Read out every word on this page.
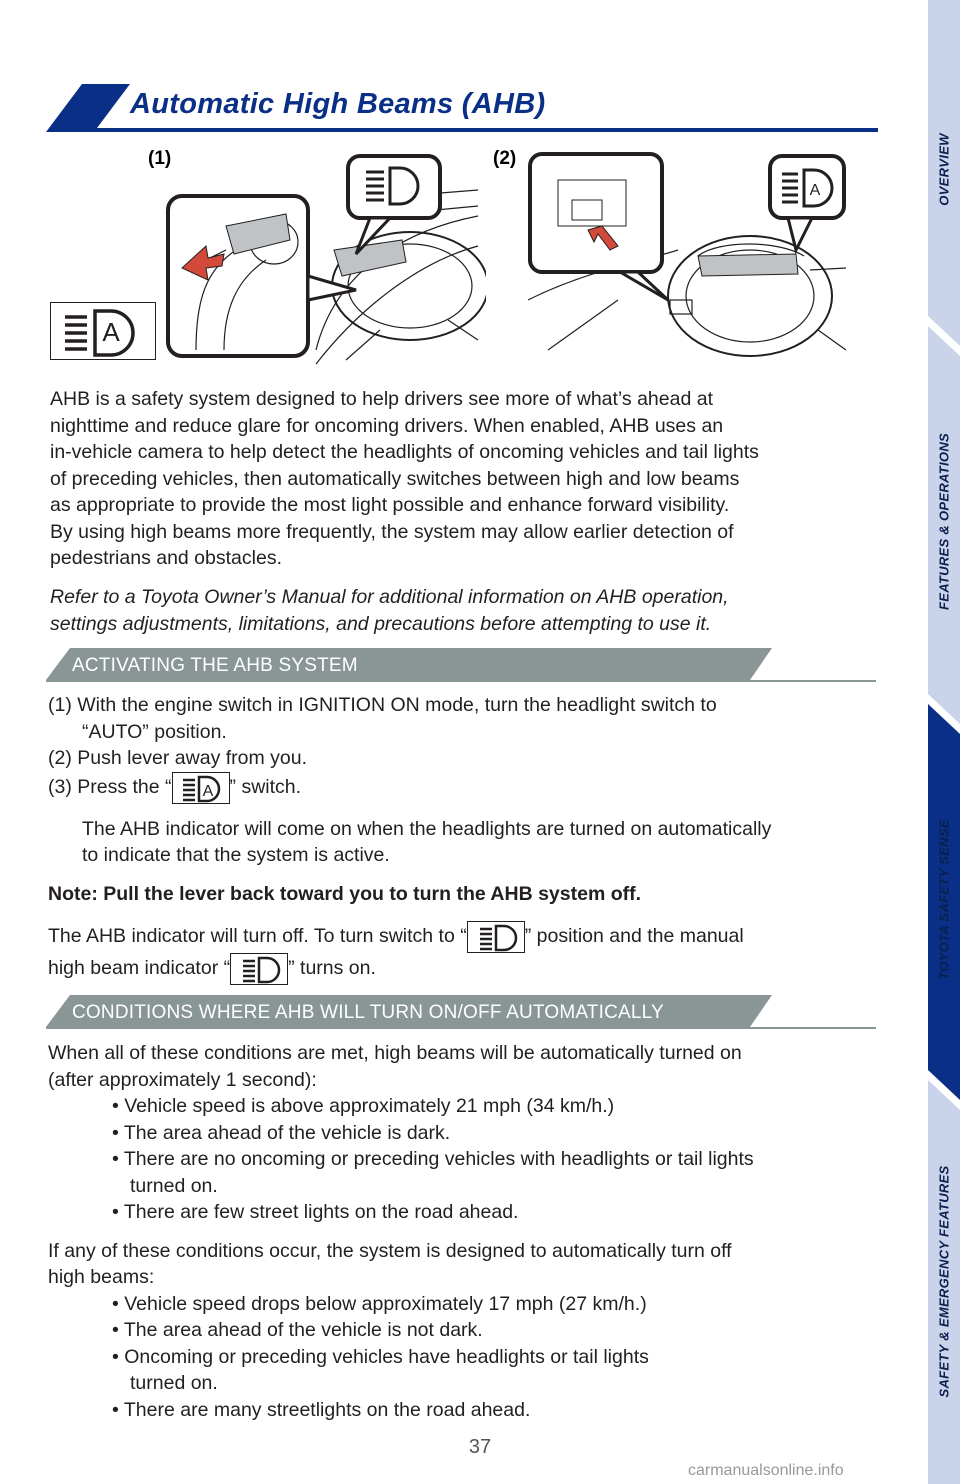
OVERVIEW
FEATURES & OPERATIONS
TOYOTA SAFETY SENSE
SAFETY & EMERGENCY FEATURES
Automatic High Beams (AHB)
(1)	(2)
A
A
AHB is a safety system designed to help drivers see more of what’s ahead at
nighttime and reduce glare for oncoming drivers. When enabled, AHB uses an
in-vehicle camera to help detect the headlights of oncoming vehicles and tail lights
of preceding vehicles, then automatically switches between high and low beams
as appropriate to provide the most light possible and enhance forward visibility.
By using high beams more frequently, the system may allow earlier detection of
pedestrians and obstacles.
Refer to a Toyota Owner’s Manual for additional information on AHB operation,
settings adjustments, limitations, and precautions before attempting to use it.
ACTIVATING THE AHB SYSTEM
(1) With the engine switch in IGNITION ON mode, turn the headlight switch to
“AUTO” position.
(2) Push lever away from you.
(3) Press the “ A ” switch.
The AHB indicator will come on when the headlights are turned on automatically
to indicate that the system is active.
Note: Pull the lever back toward you to turn the AHB system off.
The AHB indicator will turn off. To turn switch to “	” position and the manual
high beam indicator “	” turns on.
CONDITIONS WHERE AHB WILL TURN ON/OFF AUTOMATICALLY
When all of these conditions are met, high beams will be automatically turned on
(after approximately 1 second):
• Vehicle speed is above approximately 21 mph (34 km/h.)
• The area ahead of the vehicle is dark.
• There are no oncoming or preceding vehicles with headlights or tail lights
turned on.
• There are few street lights on the road ahead.
If any of these conditions occur, the system is designed to automatically turn off
high beams:
• Vehicle speed drops below approximately 17 mph (27 km/h.)
• The area ahead of the vehicle is not dark.
• Oncoming or preceding vehicles have headlights or tail lights
turned on.
• There are many streetlights on the road ahead.
37
carmanualsonline.info
